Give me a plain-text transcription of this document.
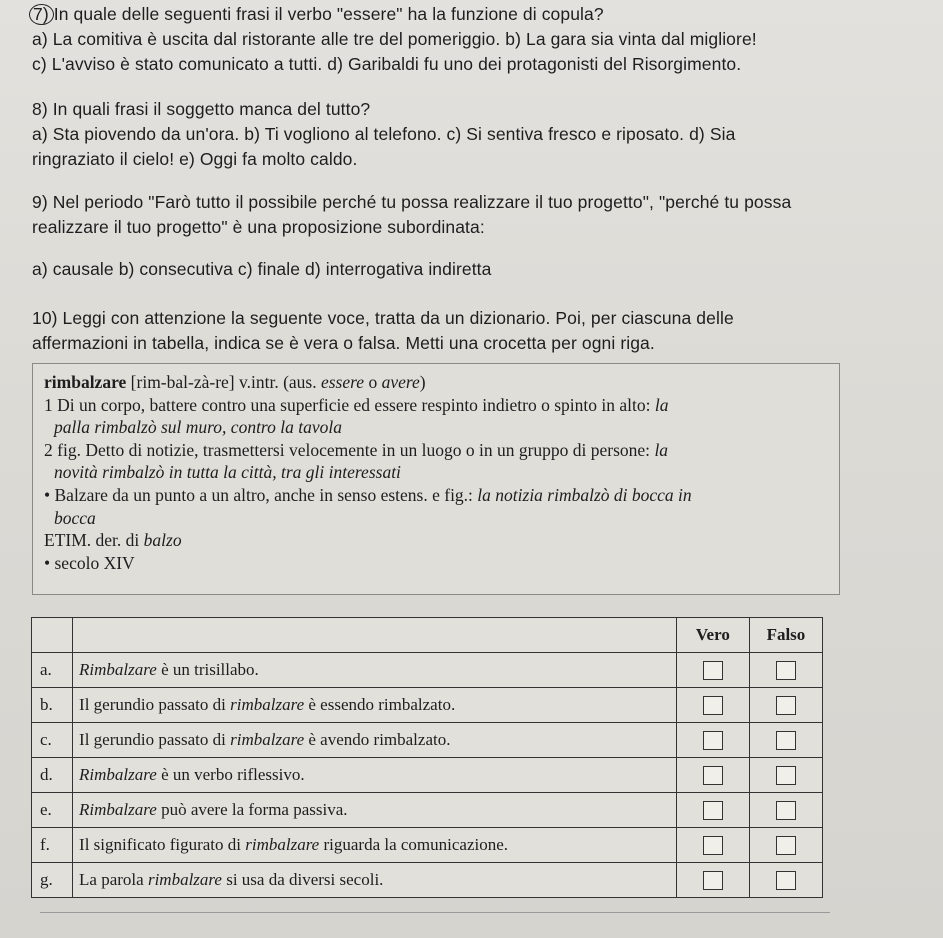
7) In quale delle seguenti frasi il verbo "essere" ha la funzione di copula?

a) La comitiva è uscita dal ristorante alle tre del pomeriggio. b) La gara sia vinta dal migliore!

c) L'avviso è stato comunicato a tutti. d) Garibaldi fu uno dei protagonisti del Risorgimento.

8) In quali frasi il soggetto manca del tutto?

a) Sta piovendo da un'ora. b) Ti vogliono al telefono. c) Si sentiva fresco e riposato. d) Sia

ringraziato il cielo! e) Oggi fa molto caldo.

9) Nel periodo "Farò tutto il possibile perché tu possa realizzare il tuo progetto", "perché tu possa

realizzare il tuo progetto" è una proposizione subordinata:

a) causale b) consecutiva c) finale d) interrogativa indiretta

10) Leggi con attenzione la seguente voce, tratta da un dizionario. Poi, per ciascuna delle

affermazioni in tabella, indica se è vera o falsa. Metti una crocetta per ogni riga.

rimbalzare [rim-bal-zà-re] v.intr. (aus. essere o avere)

1 Di un corpo, battere contro una superficie ed essere respinto indietro o spinto in alto: la

palla rimbalzò sul muro, contro la tavola

2 fig. Detto di notizie, trasmettersi velocemente in un luogo o in un gruppo di persone: la

novità rimbalzò in tutta la città, tra gli interessati

• Balzare da un punto a un altro, anche in senso estens. e fig.: la notizia rimbalzò di bocca in

bocca

ETIM. der. di balzo

• secolo XIV

		Vero	Falso
a.	Rimbalzare è un trisillabo.		
b.	Il gerundio passato di rimbalzare è essendo rimbalzato.		
c.	Il gerundio passato di rimbalzare è avendo rimbalzato.		
d.	Rimbalzare è un verbo riflessivo.		
e.	Rimbalzare può avere la forma passiva.		
f.	Il significato figurato di rimbalzare riguarda la comunicazione.		
g.	La parola rimbalzare si usa da diversi secoli.		
